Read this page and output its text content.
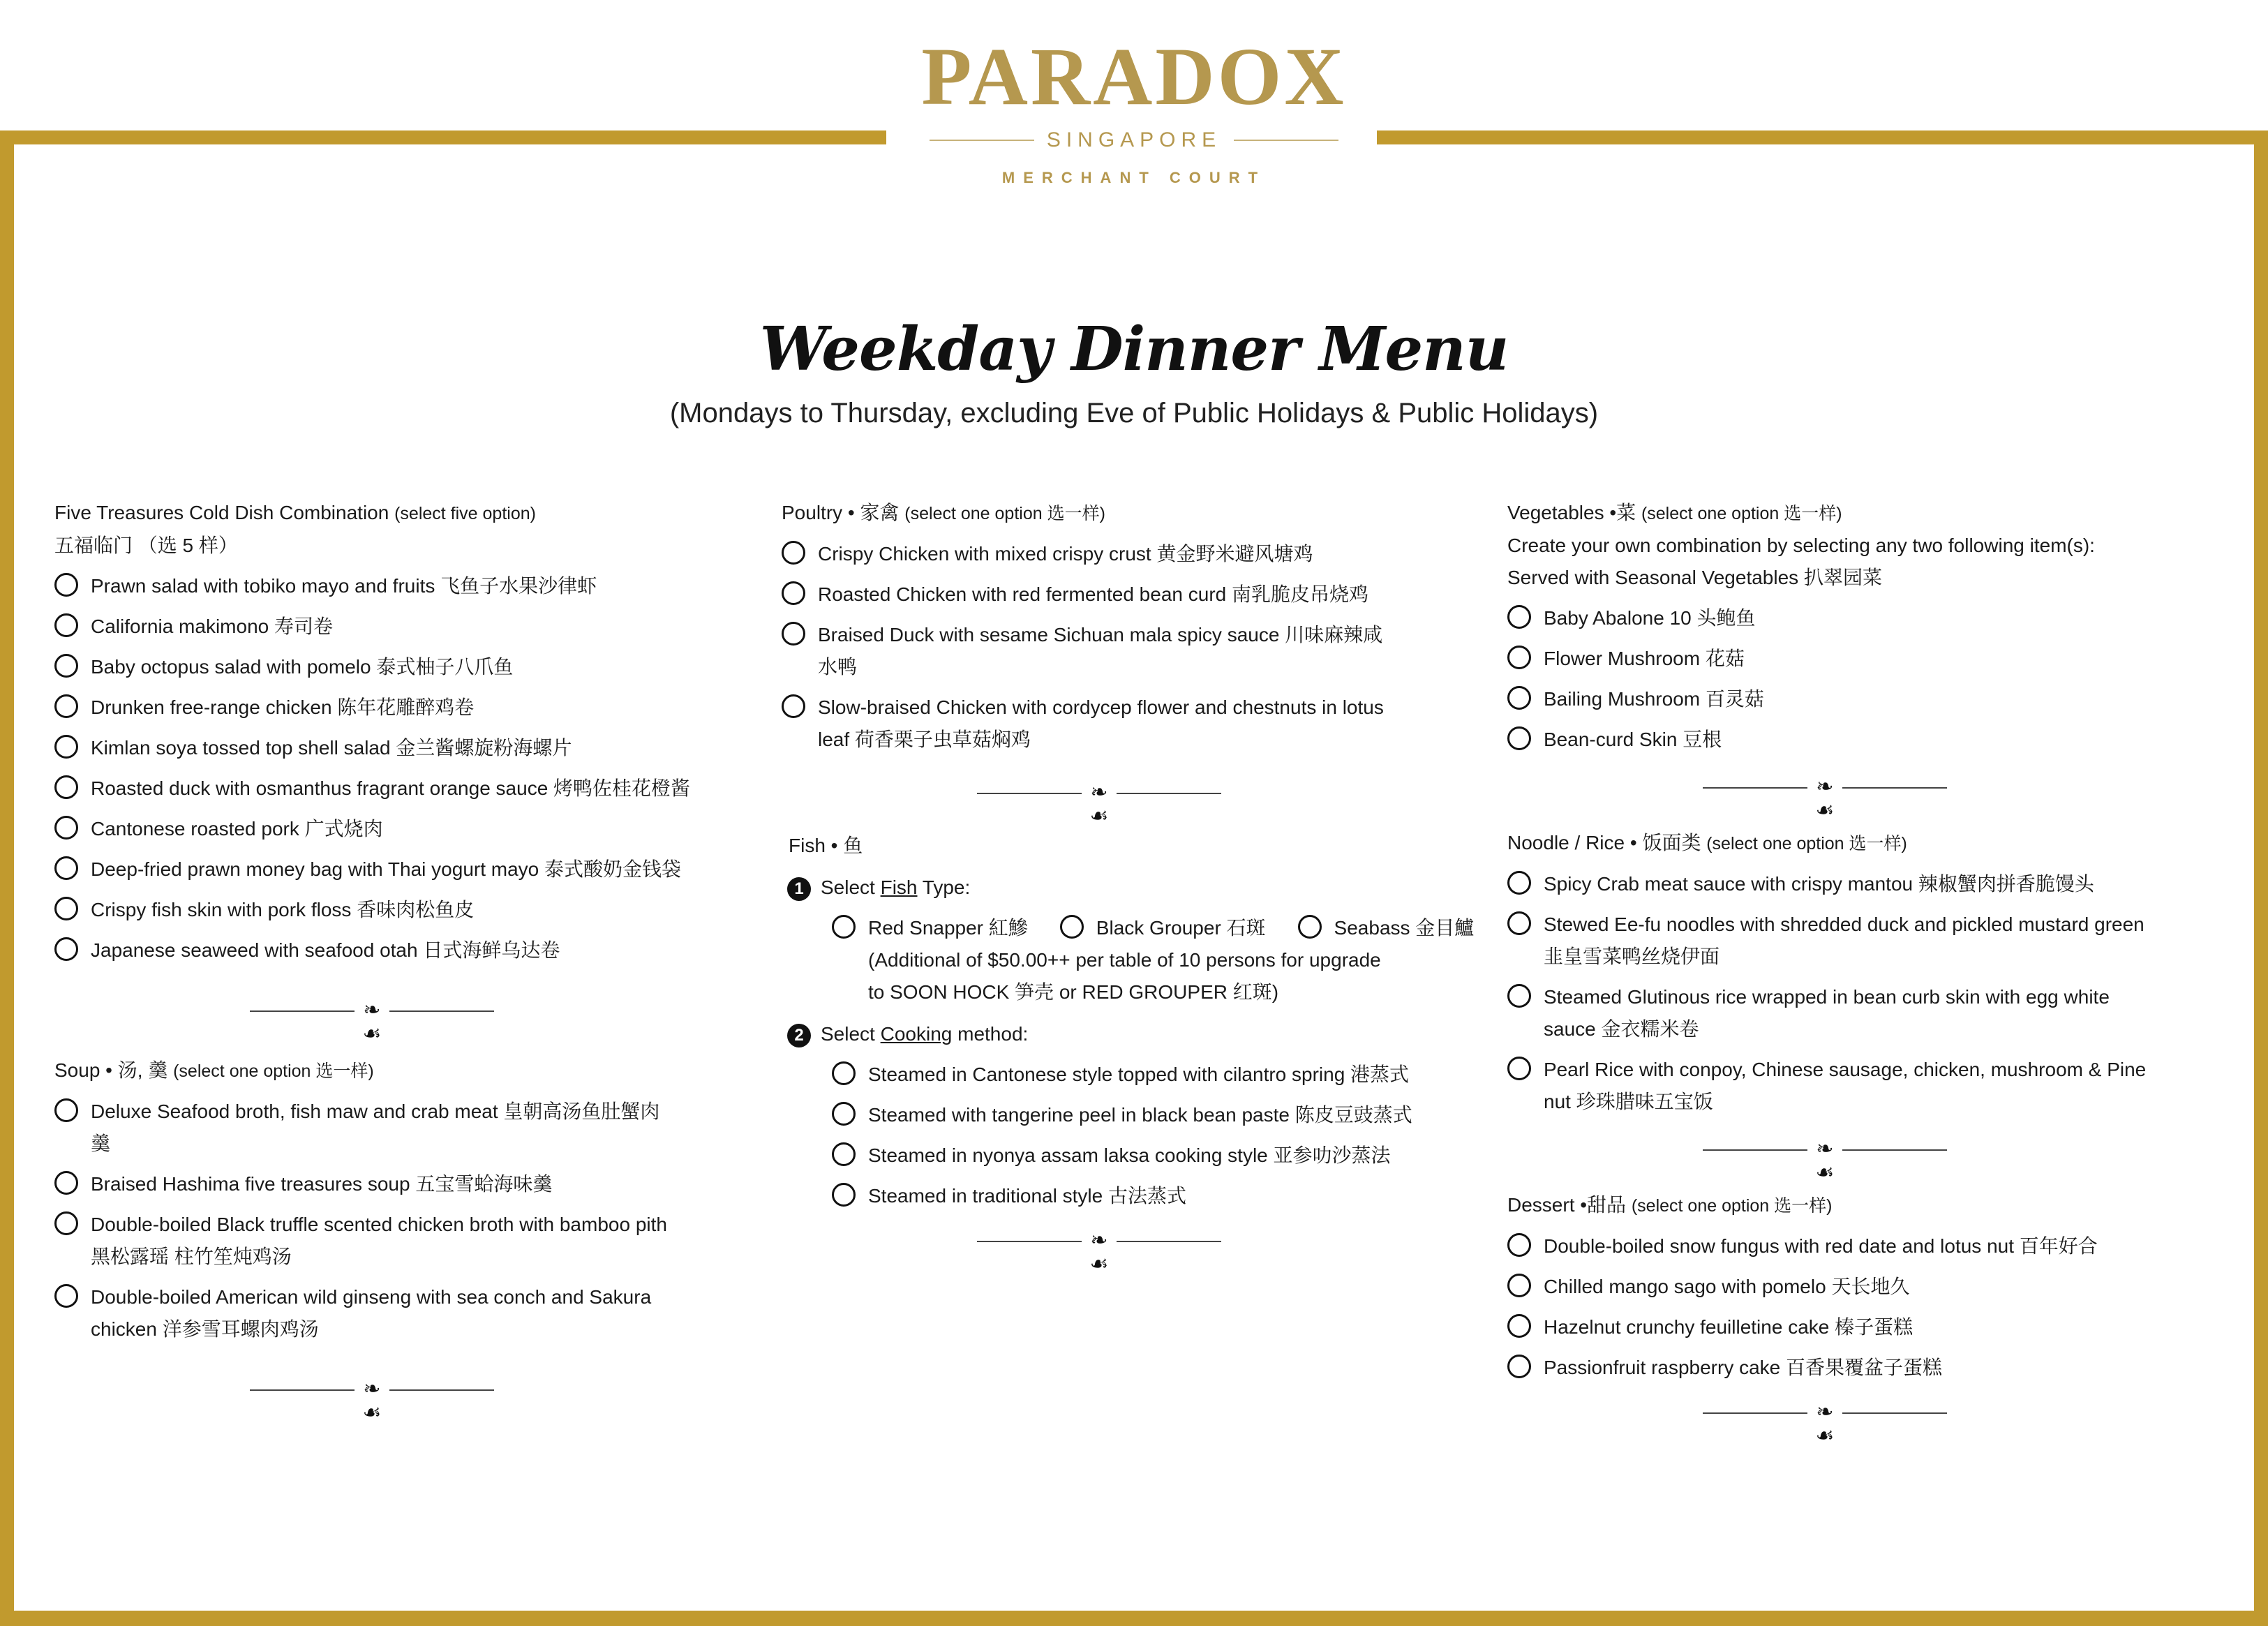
PARADOX
SINGAPORE
MERCHANT COURT
Weekday Dinner Menu
(Mondays to Thursday, excluding Eve of Public Holidays & Public Holidays)
Five Treasures Cold Dish Combination (select five option)
五福临门 （选 5 样）
Prawn salad with tobiko mayo and fruits 飞鱼子水果沙律虾
California makimono 寿司卷
Baby octopus salad with pomelo 泰式柚子八爪鱼
Drunken free-range chicken 陈年花雕醉鸡卷
Kimlan soya tossed top shell salad 金兰酱螺旋粉海螺片
Roasted duck with osmanthus fragrant orange sauce 烤鸭佐桂花橙酱
Cantonese roasted pork 广式烧肉
Deep-fried prawn money bag with Thai yogurt mayo 泰式酸奶金钱袋
Crispy fish skin with pork floss 香味肉松鱼皮
Japanese seaweed with seafood otah 日式海鲜乌达卷
❧ ☙
Soup • 汤, 羹 (select one option 选一样)
Deluxe Seafood broth, fish maw and crab meat 皇朝高汤鱼肚蟹肉羹
Braised Hashima five treasures soup 五宝雪蛤海味羹
Double-boiled Black truffle scented chicken broth with bamboo pith 黑松露瑶 柱竹笙炖鸡汤
Double-boiled American wild ginseng with sea conch and Sakura chicken 洋参雪耳螺肉鸡汤
❧ ☙
Poultry • 家禽 (select one option 选一样)
Crispy Chicken with mixed crispy crust 黄金野米避风塘鸡
Roasted Chicken with red fermented bean curd 南乳脆皮吊烧鸡
Braised Duck with sesame Sichuan mala spicy sauce 川味麻辣咸水鸭
Slow-braised Chicken with cordycep flower and chestnuts in lotus leaf 荷香栗子虫草菇焖鸡
❧ ☙
Fish • 鱼
1 Select Fish Type:
Red Snapper 紅鰺	Black Grouper 石斑	Seabass 金目鱸
(Additional of $50.00++ per table of 10 persons for upgrade to SOON HOCK 笋壳 or RED GROUPER 红斑)
2 Select Cooking method:
Steamed in Cantonese style topped with cilantro spring 港蒸式
Steamed with tangerine peel in black bean paste 陈皮豆豉蒸式
Steamed in nyonya assam laksa cooking style 亚参叻沙蒸法
Steamed in traditional style 古法蒸式
❧ ☙
Vegetables •菜 (select one option 选一样)
Create your own combination by selecting any two following item(s):
Served with Seasonal Vegetables 扒翠园菜
Baby Abalone 10 头鲍鱼
Flower Mushroom 花菇
Bailing Mushroom 百灵菇
Bean-curd Skin 豆根
❧ ☙
Noodle / Rice • 饭面类 (select one option 选一样)
Spicy Crab meat sauce with crispy mantou 辣椒蟹肉拼香脆馒头
Stewed Ee-fu noodles with shredded duck and pickled mustard green 韭皇雪菜鸭丝烧伊面
Steamed Glutinous rice wrapped in bean curb skin with egg white sauce 金衣糯米卷
Pearl Rice with conpoy, Chinese sausage, chicken, mushroom & Pine nut 珍珠腊味五宝饭
❧ ☙
Dessert •甜品 (select one option 选一样)
Double-boiled snow fungus with red date and lotus nut 百年好合
Chilled mango sago with pomelo 天长地久
Hazelnut crunchy feuilletine cake 榛子蛋糕
Passionfruit raspberry cake 百香果覆盆子蛋糕
❧ ☙
